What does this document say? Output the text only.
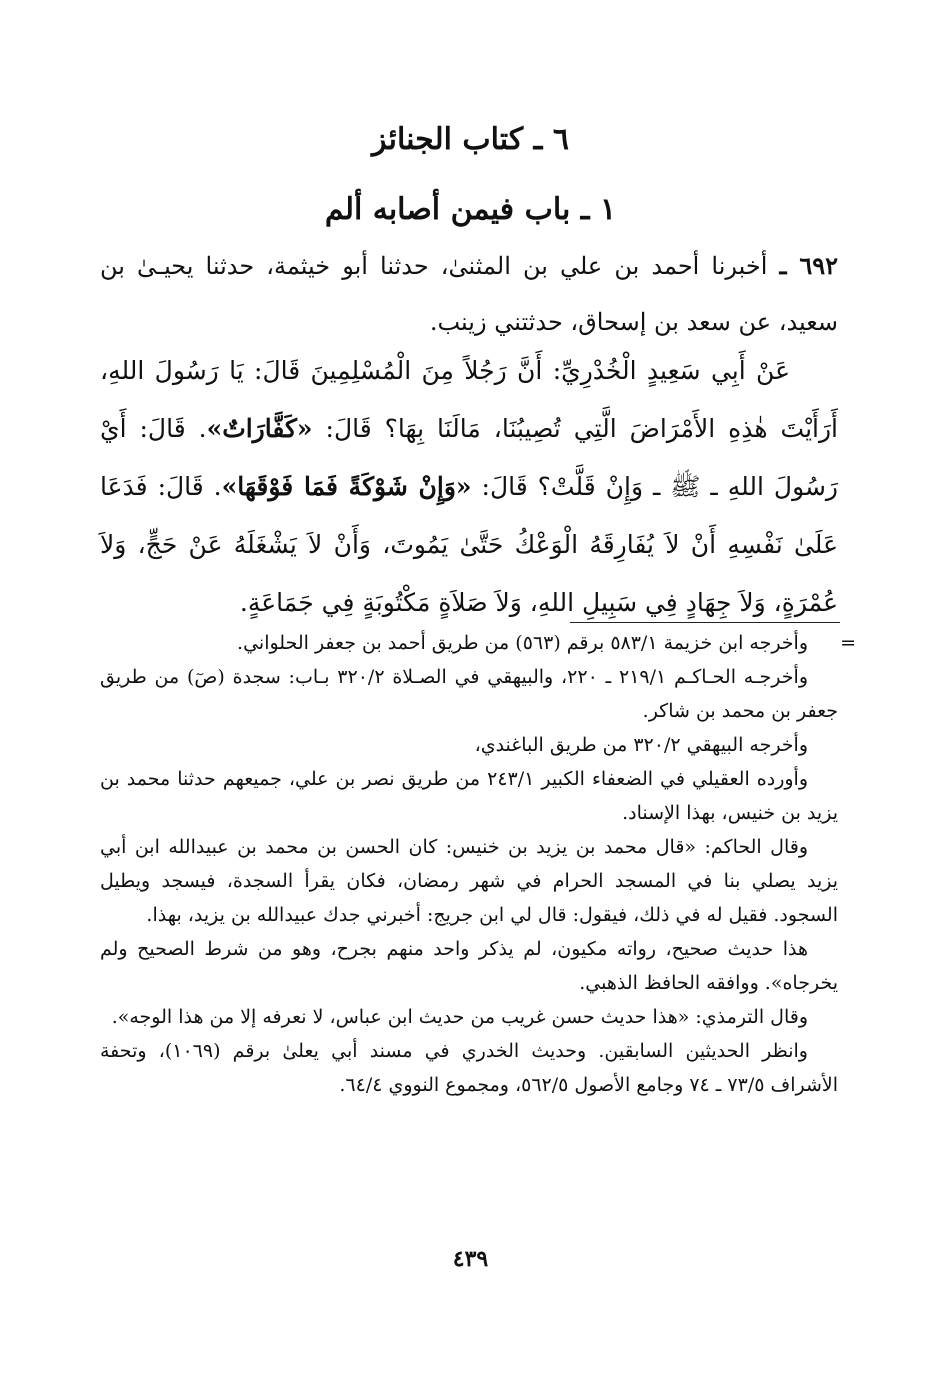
٦ ـ كتاب الجنائز
١ ـ باب فيمن أصابه ألم
٦٩٢ ـ أخبرنا أحمد بن علي بن المثنىٰ، حدثنا أبو خيثمة، حدثنا يحيـىٰ بن سعيد، عن سعد بن إسحاق، حدثتني زينب.

عَنْ أَبِي سَعِيدٍ الْخُدْرِيِّ: أَنَّ رَجُلاً مِنَ الْمُسْلِمِينَ قَالَ: يَا رَسُولَ اللهِ، أَرَأَيْتَ هٰذِهِ الأَمْرَاضَ الَّتِي تُصِيبُنَا، مَالَنَا بِهَا؟ قَالَ: «كَفَّارَاتٌ». قَالَ: أَيْ رَسُولَ اللهِ ـ ﷺ ـ وَإِنْ قَلَّتْ؟ قَالَ: «وَإِنْ شَوْكَةً فَمَا فَوْقَهَا». قَالَ: فَدَعَا عَلَىٰ نَفْسِهِ أَنْ لاَ يُفَارِقَهُ الْوَعْكُ حَتَّىٰ يَمُوتَ، وَأَنْ لاَ يَشْغَلَهُ عَنْ حَجٍّ، وَلاَ عُمْرَةٍ، وَلاَ جِهَادٍ فِي سَبِيلِ اللهِ، وَلاَ صَلاَةٍ مَكْتُوبَةٍ فِي جَمَاعَةٍ.

=

وأخرجه ابن خزيمة ٥٨٣/١ برقم (٥٦٣) من طريق أحمد بن جعفر الحلواني.

وأخرجـه الحـاكـم ٢١٩/١ ـ ٢٢٠، والبيهقي في الصـلاة ٣٢٠/٢ بـاب: سجدة (صٓ) من طريق جعفر بن محمد بن شاكر.

وأخرجه البيهقي ٣٢٠/٢ من طريق الباغندي،

وأورده العقيلي في الضعفاء الكبير ٢٤٣/١ من طريق نصر بن علي، جميعهم حدثنا محمد بن يزيد بن خنيس، بهذا الإسناد.

وقال الحاكم: «قال محمد بن يزيد بن خنيس: كان الحسن بن محمد بن عبيدالله ابن أبي يزيد يصلي بنا في المسجد الحرام في شهر رمضان، فكان يقرأ السجدة، فيسجد ويطيل السجود. فقيل له في ذلك، فيقول: قال لي ابن جريج: أخبرني جدك عبيدالله بن يزيد، بهذا.

هذا حديث صحيح، رواته مكيون، لم يذكر واحد منهم بجرح، وهو من شرط الصحيح ولم يخرجاه». ووافقه الحافظ الذهبي.

وقال الترمذي: «هذا حديث حسن غريب من حديث ابن عباس، لا نعرفه إلا من هذا الوجه».

وانظر الحديثين السابقين. وحديث الخدري في مسند أبي يعلىٰ برقم (١٠٦٩)، وتحفة الأشراف ٧٣/٥ ـ ٧٤ وجامع الأصول ٥٦٢/٥، ومجموع النووي ٦٤/٤.

٤٣٩
